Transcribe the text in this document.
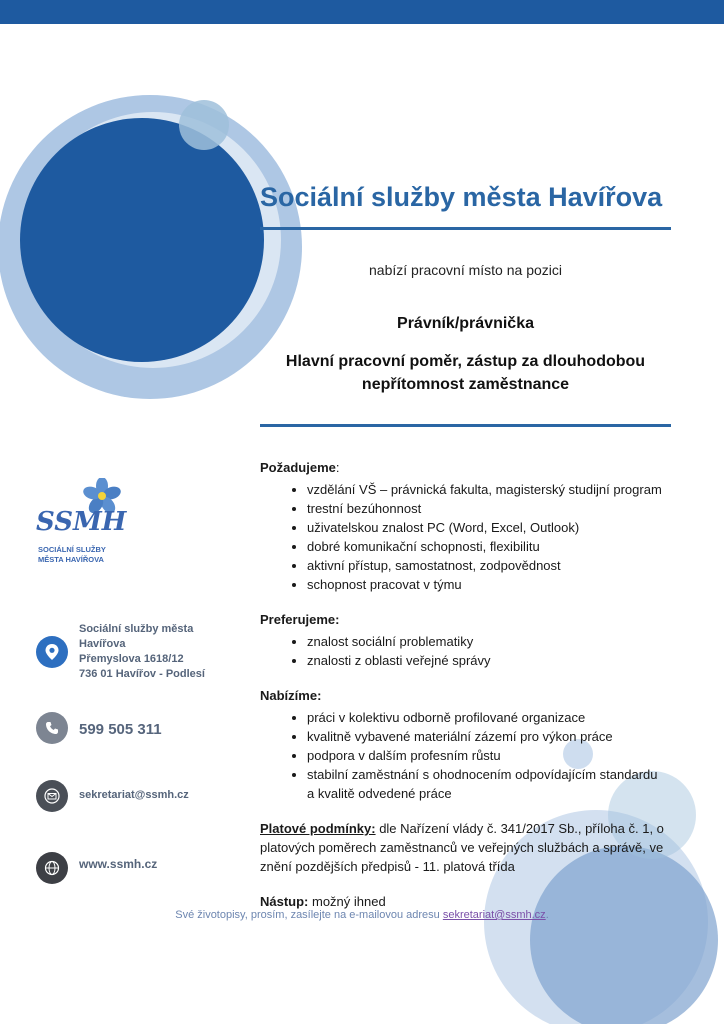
Sociální služby města Havířova
nabízí pracovní místo na pozici
Právník/právnička
Hlavní pracovní poměr, zástup za dlouhodobou nepřítomnost zaměstnance
Požadujeme:
• vzdělání VŠ – právnická fakulta, magisterský studijní program
• trestní bezúhonnost
• uživatelskou znalost PC (Word, Excel, Outlook)
• dobré komunikační schopnosti, flexibilitu
• aktivní přístup, samostatnost, zodpovědnost
• schopnost pracovat v týmu
Preferujeme:
• znalost sociální problematiky
• znalosti z oblasti veřejné správy
Nabízíme:
• práci v kolektivu odborně profilované organizace
• kvalitně vybavené materiální zázemí pro výkon práce
• podpora v dalším profesním růstu
• stabilní zaměstnání s ohodnocením odpovídajícím standardu a kvalitě odvedené práce
Platové podmínky: dle Nařízení vlády č. 341/2017 Sb., příloha č. 1, o platových poměrech zaměstnanců ve veřejných službách a správě, ve znění pozdějších předpisů - 11. platová třída
Nástup: možný ihned
SSMH
SOCIÁLNÍ SLUŽBY
MĚSTA HAVÍŘOVA
Sociální služby města
Havířova
Přemyslova 1618/12
736 01 Havířov - Podlesí
599 505 311
sekretariat@ssmh.cz
www.ssmh.cz
Své životopisy, prosím, zasílejte na e-mailovou adresu sekretariat@ssmh.cz.
